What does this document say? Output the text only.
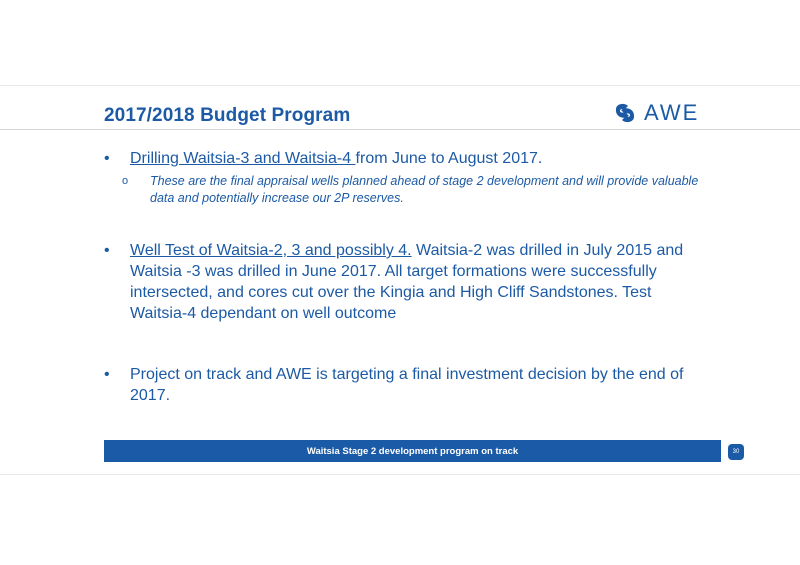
2017/2018 Budget Program	AWE
•	Drilling Waitsia-3 and Waitsia-4 from June to August 2017.
o These are the final appraisal wells planned ahead of stage 2 development and will provide valuable data and potentially increase our 2P reserves.
•	Well Test of Waitsia-2, 3 and possibly 4. Waitsia-2 was drilled in July 2015 and Waitsia -3 was drilled in June 2017. All target formations were successfully intersected, and cores cut over the Kingia and High Cliff Sandstones. Test Waitsia-4 dependant on well outcome
•	Project on track and AWE is targeting a final investment decision by the end of 2017.
Waitsia Stage 2 development program on track	30
